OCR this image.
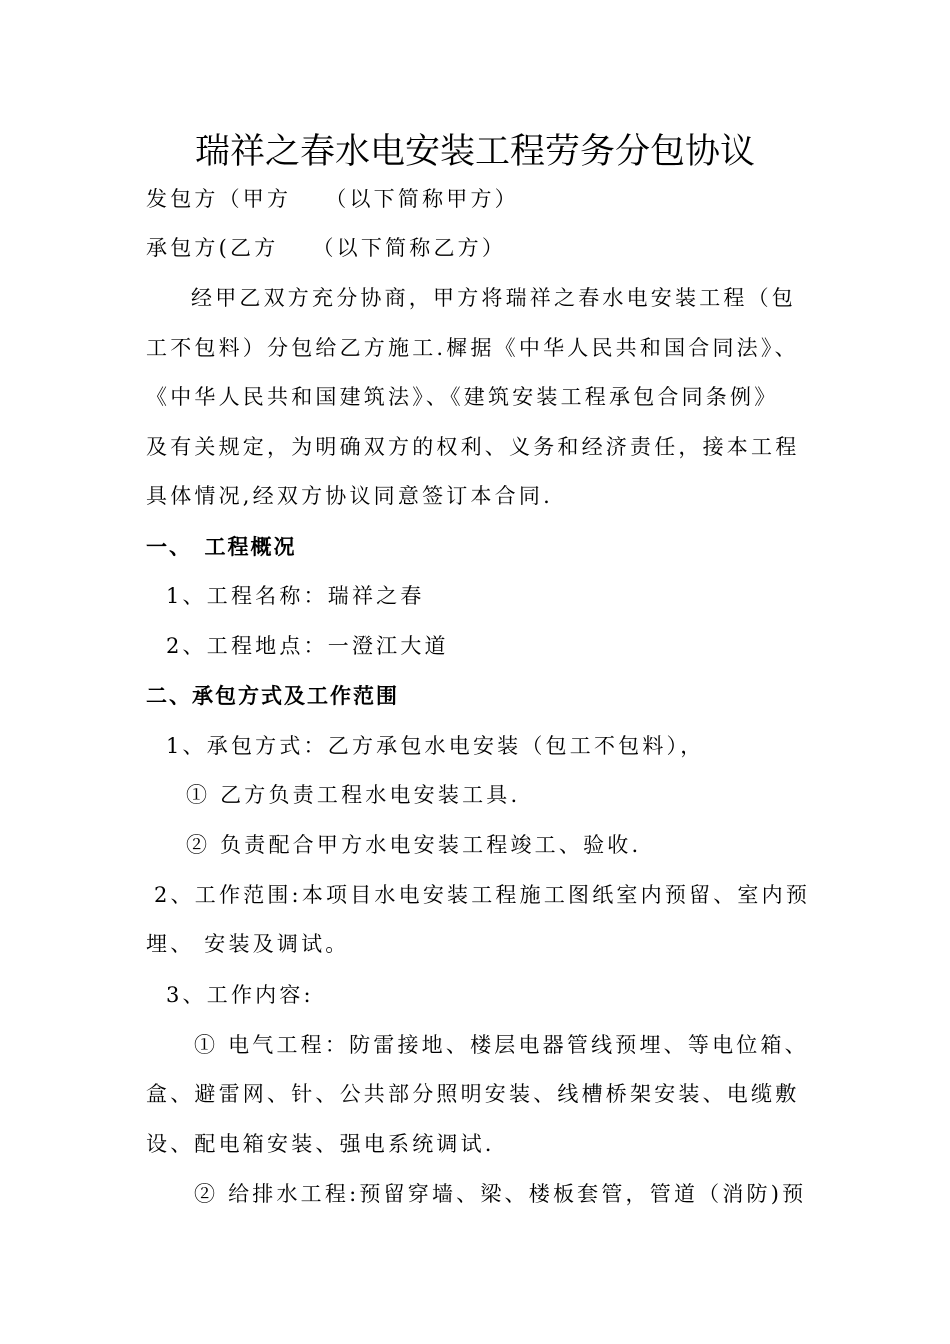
瑞祥之春水电安装工程劳务分包协议
发包方（甲方　 （以下简称甲方）
承包方(乙方　 （以下简称乙方）
经甲乙双方充分协商，甲方将瑞祥之春水电安装工程（包
工不包料）分包给乙方施工.樨据《中华人民共和国合同法》、
《中华人民共和国建筑法》、《建筑安装工程承包合同条例》
及有关规定，为明确双方的权利、义务和经济责任，接本工程
具体情况,经双方协议同意签订本合同.
一、　工程概况
1、工程名称：瑞祥之春
2、工程地点：一澄江大道
二、承包方式及工作范围
1、承包方式：乙方承包水电安装（包工不包料），
① 乙方负责工程水电安装工具.
② 负责配合甲方水电安装工程竣工、验收.
2、工作范围:本项目水电安装工程施工图纸室内预留、室内预
埋、 安装及调试。
3、工作内容:
① 电气工程：防雷接地、楼层电器管线预埋、等电位箱、
盒、避雷网、针、公共部分照明安装、线槽桥架安装、电缆敷
设、配电箱安装、强电系统调试.
② 给排水工程:预留穿墙、梁、楼板套管，管道（消防)预
